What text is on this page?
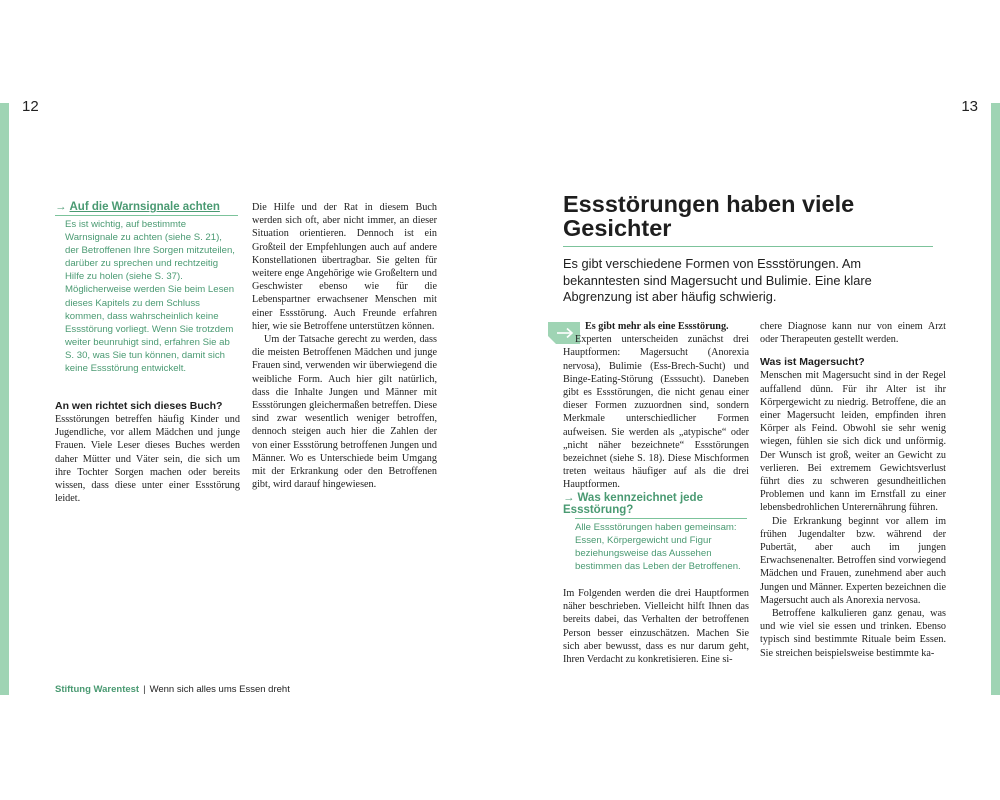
12
→ Auf die Warnsignale achten

Es ist wichtig, auf bestimmte Warnsignale zu achten (siehe S. 21), der Betroffenen Ihre Sorgen mitzuteilen, darüber zu sprechen und rechtzeitig Hilfe zu holen (siehe S. 37). Möglicherweise werden Sie beim Lesen dieses Kapitels zu dem Schluss kommen, dass wahrscheinlich keine Essstörung vorliegt. Wenn Sie trotzdem weiter beunruhigt sind, erfahren Sie ab S. 30, was Sie tun können, damit sich keine Essstörung entwickelt.

An wen richtet sich dieses Buch?

Essstörungen betreffen häufig Kinder und Jugendliche, vor allem Mädchen und junge Frauen. Viele Leser dieses Buches werden daher Mütter und Väter sein, die sich um ihre Tochter Sorgen machen oder bereits wissen, dass diese unter einer Essstörung leidet.

Die Hilfe und der Rat in diesem Buch werden sich oft, aber nicht immer, an dieser Situation orientieren. Dennoch ist ein Großteil der Empfehlungen auch auf andere Konstellationen übertragbar. Sie gelten für weitere enge Angehörige wie Großeltern und Geschwister ebenso wie für die Lebenspartner erwachsener Menschen mit einer Essstörung. Auch Freunde erfahren hier, wie sie Betroffene unterstützen können.

Um der Tatsache gerecht zu werden, dass die meisten Betroffenen Mädchen und junge Frauen sind, verwenden wir überwiegend die weibliche Form. Auch hier gilt natürlich, dass die Inhalte Jungen und Männer mit Essstörungen gleichermaßen betreffen. Diese sind zwar wesentlich weniger betroffen, dennoch steigen auch hier die Zahlen der von einer Essstörung betroffenen Jungen und Männer. Wo es Unterschiede beim Umgang mit der Erkrankung oder den Betroffenen gibt, wird darauf hingewiesen.

Stiftung Warentest | Wenn sich alles ums Essen dreht
13
Essstörungen haben viele Gesichter

Es gibt verschiedene Formen von Essstörungen. Am bekanntesten sind Magersucht und Bulimie. Eine klare Abgrenzung ist aber häufig schwierig.

Es gibt mehr als eine Essstörung.

Experten unterscheiden zunächst drei Hauptformen: Magersucht (Anorexia nervosa), Bulimie (Ess-Brech-Sucht) und Binge-Eating-Störung (Esssucht). Daneben gibt es Essstörungen, die nicht genau einer dieser Formen zuzuordnen sind, sondern Merkmale unterschiedlicher Formen aufweisen. Sie werden als „atypische“ oder „nicht näher bezeichnete“ Essstörungen bezeichnet (siehe S. 18). Diese Mischformen treten weitaus häufiger auf als die drei Hauptformen.

→ Was kennzeichnet jede Essstörung?

Alle Essstörungen haben gemeinsam: Essen, Körpergewicht und Figur beziehungsweise das Aussehen bestimmen das Leben der Betroffenen.

Im Folgenden werden die drei Hauptformen näher beschrieben. Vielleicht hilft Ihnen das bereits dabei, das Verhalten der betroffenen Person besser einzuschätzen. Machen Sie sich aber bewusst, dass es nur darum geht, Ihren Verdacht zu konkretisieren. Eine si-

chere Diagnose kann nur von einem Arzt oder Therapeuten gestellt werden.

Was ist Magersucht?

Menschen mit Magersucht sind in der Regel auffallend dünn. Für ihr Alter ist ihr Körpergewicht zu niedrig. Betroffene, die an einer Magersucht leiden, empfinden ihren Körper als Feind. Obwohl sie sehr wenig wiegen, fühlen sie sich dick und unförmig. Der Wunsch ist groß, weiter an Gewicht zu verlieren. Bei extremem Gewichtsverlust führt dies zu schweren gesundheitlichen Problemen und kann im Ernstfall zu einer lebensbedrohlichen Unterernährung führen.

Die Erkrankung beginnt vor allem im frühen Jugendalter bzw. während der Pubertät, aber auch im jungen Erwachsenenalter. Betroffen sind vorwiegend Mädchen und Frauen, zunehmend aber auch Jungen und Männer. Experten bezeichnen die Magersucht auch als Anorexia nervosa.

Betroffene kalkulieren ganz genau, was und wie viel sie essen und trinken. Ebenso typisch sind bestimmte Rituale beim Essen. Sie streichen beispielsweise bestimmte ka-
